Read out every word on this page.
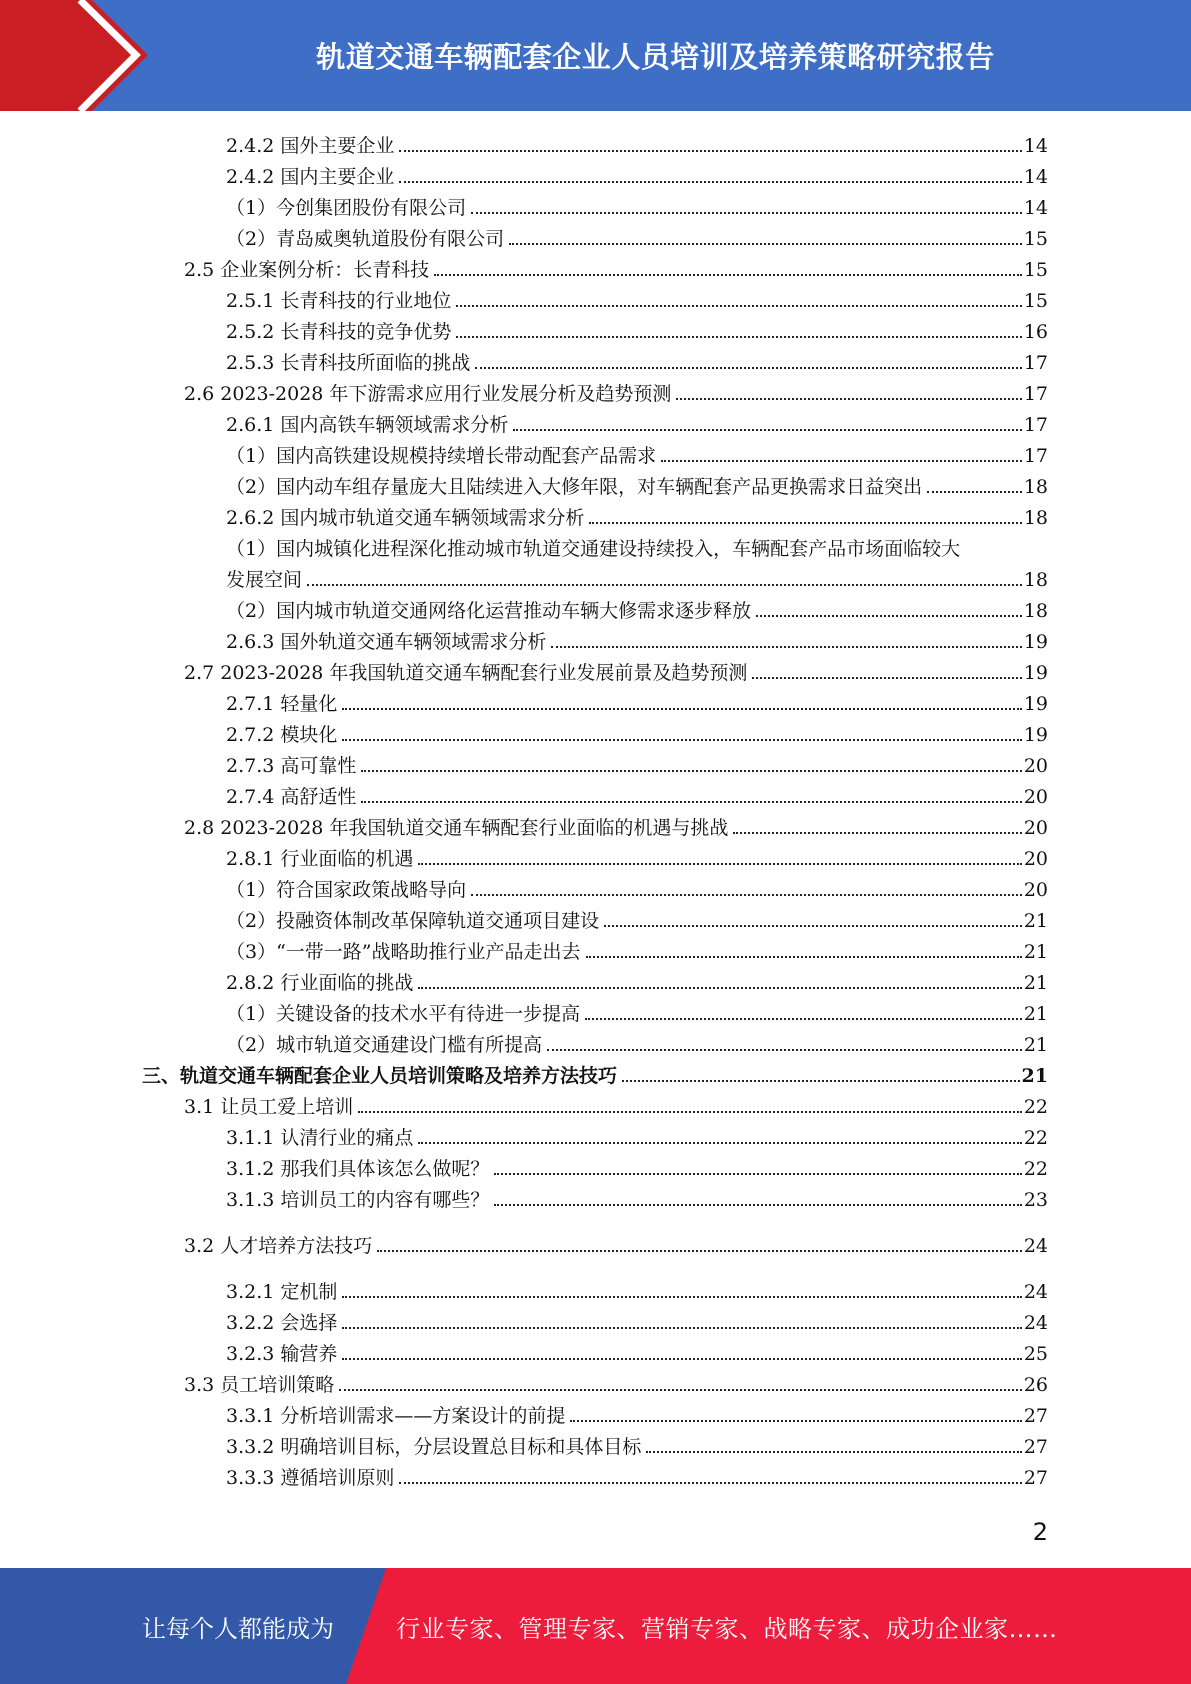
轨道交通车辆配套企业人员培训及培养策略研究报告
2.4.2 国外主要企业	14
2.4.2 国内主要企业	14
（1）今创集团股份有限公司	14
（2）青岛威奥轨道股份有限公司	15
2.5 企业案例分析：长青科技	15
2.5.1 长青科技的行业地位	15
2.5.2 长青科技的竞争优势	16
2.5.3 长青科技所面临的挑战	17
2.6 2023-2028 年下游需求应用行业发展分析及趋势预测	17
2.6.1 国内高铁车辆领域需求分析	17
（1）国内高铁建设规模持续增长带动配套产品需求	17
（2）国内动车组存量庞大且陆续进入大修年限，对车辆配套产品更换需求日益突出	18
2.6.2 国内城市轨道交通车辆领域需求分析	18
（1）国内城镇化进程深化推动城市轨道交通建设持续投入，车辆配套产品市场面临较大
发展空间	18
（2）国内城市轨道交通网络化运营推动车辆大修需求逐步释放	18
2.6.3 国外轨道交通车辆领域需求分析	19
2.7 2023-2028 年我国轨道交通车辆配套行业发展前景及趋势预测	19
2.7.1 轻量化	19
2.7.2 模块化	19
2.7.3 高可靠性	20
2.7.4 高舒适性	20
2.8 2023-2028 年我国轨道交通车辆配套行业面临的机遇与挑战	20
2.8.1 行业面临的机遇	20
（1）符合国家政策战略导向	20
（2）投融资体制改革保障轨道交通项目建设	21
（3）“一带一路”战略助推行业产品走出去	21
2.8.2 行业面临的挑战	21
（1）关键设备的技术水平有待进一步提高	21
（2）城市轨道交通建设门槛有所提高	21
三、轨道交通车辆配套企业人员培训策略及培养方法技巧	21
3.1 让员工爱上培训	22
3.1.1 认清行业的痛点	22
3.1.2 那我们具体该怎么做呢？	22
3.1.3 培训员工的内容有哪些？	23
3.2 人才培养方法技巧	24
3.2.1 定机制	24
3.2.2 会选择	24
3.2.3 输营养	25
3.3 员工培训策略	26
3.3.1 分析培训需求——方案设计的前提	27
3.3.2 明确培训目标，分层设置总目标和具体目标	27
3.3.3 遵循培训原则	27
2
让每个人都能成为	行业专家、管理专家、营销专家、战略专家、成功企业家……
